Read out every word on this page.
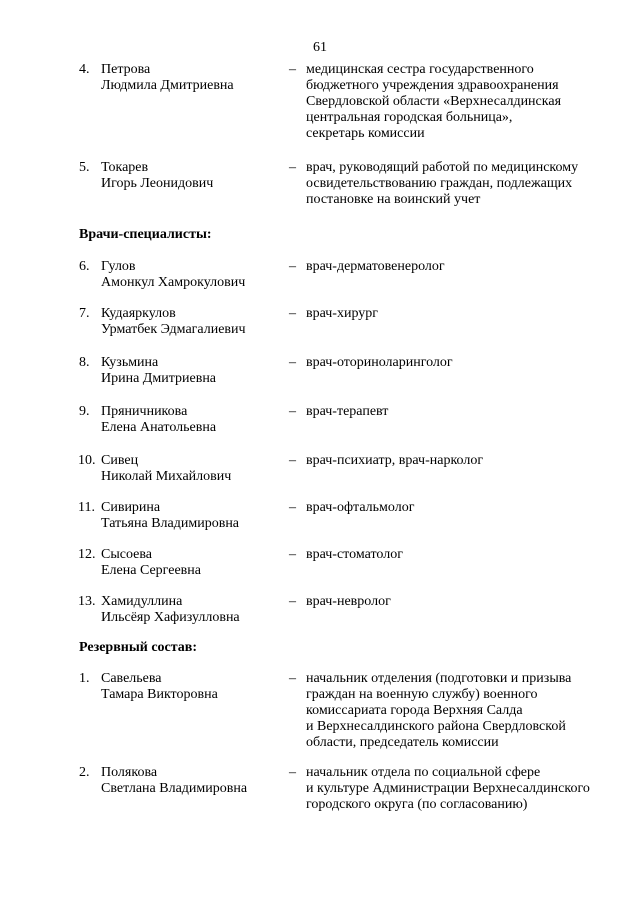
61
4. Петрова
Людмила Дмитриевна
– медицинская сестра государственного
бюджетного учреждения здравоохранения
Свердловской области «Верхнесалдинская
центральная городская больница»,
секретарь комиссии
5. Токарев
Игорь Леонидович
– врач, руководящий работой по медицинскому
освидетельствованию граждан, подлежащих
постановке на воинский учет
Врачи-специалисты:
6. Гулов
Амонкул Хамрокулович
– врач-дерматовенеролог
7. Кудаяркулов
Урматбек Эдмагалиевич
– врач-хирург
8. Кузьмина
Ирина Дмитриевна
– врач-оториноларинголог
9. Пряничникова
Елена Анатольевна
– врач-терапевт
10. Сивец
Николай Михайлович
– врач-психиатр, врач-нарколог
11. Сивирина
Татьяна Владимировна
– врач-офтальмолог
12. Сысоева
Елена Сергеевна
– врач-стоматолог
13. Хамидуллина
Ильсёяр Хафизулловна
– врач-невролог
Резервный состав:
1. Савельева
Тамара Викторовна
– начальник отделения (подготовки и призыва
граждан на военную службу) военного
комиссариата города Верхняя Салда
и Верхнесалдинского района Свердловской
области, председатель комиссии
2. Полякова
Светлана Владимировна
– начальник отдела по социальной сфере
и культуре Администрации Верхнесалдинского
городского округа (по согласованию)
